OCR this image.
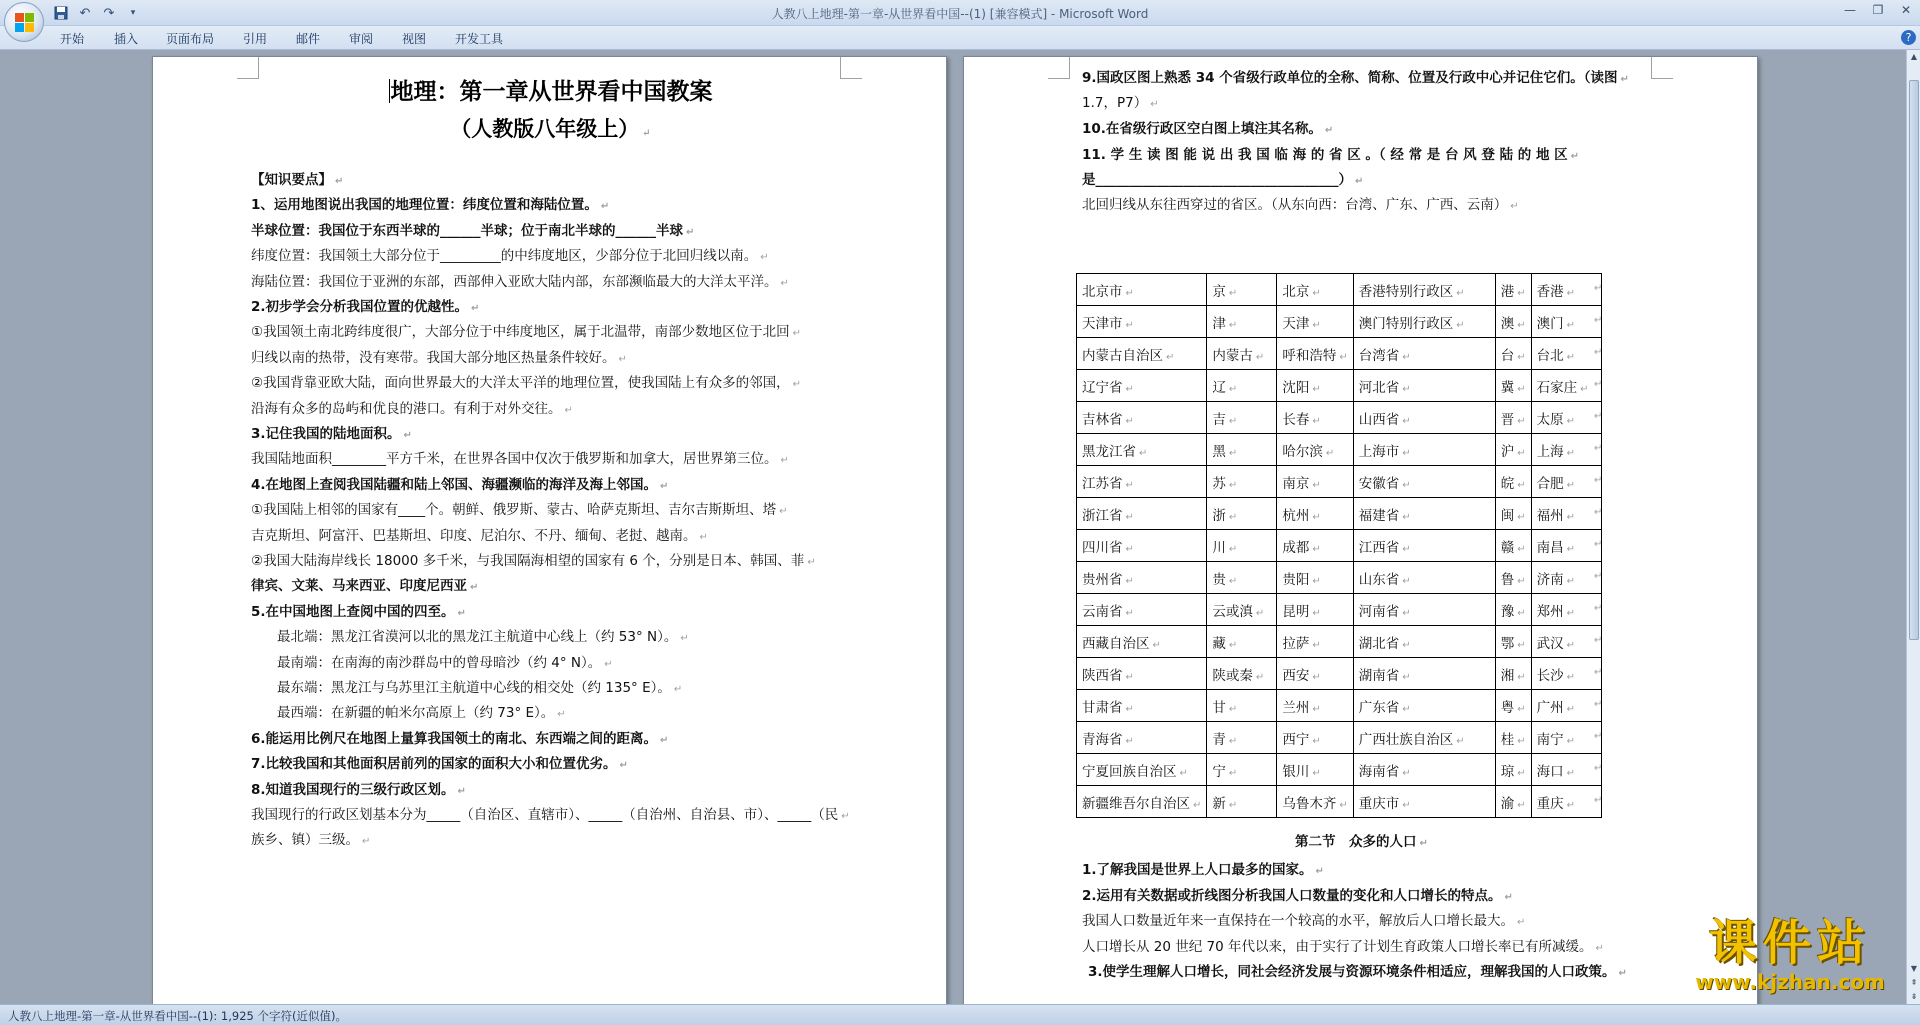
↶ ↷	▾	人教八上地理-第一章-从世界看中国--(1) [兼容模式] - Microsoft Word	—	❐	✕
开始 插入 页面布局 引用 邮件 审阅 视图 开发工具	?
地理：第一章从世界看中国教案
（人教版八年级上） ↵
【知识要点】 ↵
1、运用地图说出我国的地理位置：纬度位置和海陆位置。 ↵
半球位置：我国位于东西半球的______半球；位于南北半球的______半球 ↵
纬度位置：我国领土大部分位于_________的中纬度地区，少部分位于北回归线以南。 ↵
海陆位置：我国位于亚洲的东部，西部伸入亚欧大陆内部，东部濒临最大的大洋太平洋。 ↵
2.初步学会分析我国位置的优越性。 ↵
①我国领土南北跨纬度很广，大部分位于中纬度地区，属于北温带，南部少数地区位于北回 ↵
归线以南的热带，没有寒带。我国大部分地区热量条件较好。 ↵
②我国背靠亚欧大陆，面向世界最大的大洋太平洋的地理位置，使我国陆上有众多的邻国， ↵
沿海有众多的岛屿和优良的港口。有利于对外交往。 ↵
3.记住我国的陆地面积。 ↵
我国陆地面积________平方千米，在世界各国中仅次于俄罗斯和加拿大，居世界第三位。 ↵
4.在地图上查阅我国陆疆和陆上邻国、海疆濒临的海洋及海上邻国。 ↵
①我国陆上相邻的国家有____个。朝鲜、俄罗斯、蒙古、哈萨克斯坦、吉尔吉斯斯坦、塔 ↵
吉克斯坦、阿富汗、巴基斯坦、印度、尼泊尔、不丹、缅甸、老挝、越南。 ↵
②我国大陆海岸线长 18000 多千米，与我国隔海相望的国家有 6 个，分别是日本、韩国、菲 ↵
律宾、文莱、马来西亚、印度尼西亚 ↵
5.在中国地图上查阅中国的四至。 ↵
最北端：黑龙江省漠河以北的黑龙江主航道中心线上（约 53° N）。 ↵
最南端：在南海的南沙群岛中的曾母暗沙（约 4° N）。 ↵
最东端：黑龙江与乌苏里江主航道中心线的相交处（约 135° E）。 ↵
最西端：在新疆的帕米尔高原上（约 73° E）。 ↵
6.能运用比例尺在地图上量算我国领土的南北、东西端之间的距离。 ↵
7.比较我国和其他面积居前列的国家的面积大小和位置优劣。 ↵
8.知道我国现行的三级行政区划。 ↵
我国现行的行政区划基本分为_____（自治区、直辖市）、_____（自治州、自治县、市）、_____（民 ↵
族乡、镇）三级。 ↵
9.国政区图上熟悉 34 个省级行政单位的全称、简称、位置及行政中心并记住它们。（读图 ↵
1.7，P7） ↵
10.在省级行政区空白图上填注其名称。 ↵
11. 学 生 读 图 能 说 出 我 国 临 海 的 省 区 。（ 经 常 是 台 风 登 陆 的 地 区 ↵
是____________________________________） ↵
北回归线从东往西穿过的省区。（从东向西：台湾、广东、广西、云南） ↵
北京市 ↵	京 ↵	北京 ↵	香港特别行政区 ↵	港 ↵	香港 ↵
天津市 ↵	津 ↵	天津 ↵	澳门特别行政区 ↵	澳 ↵	澳门 ↵
内蒙古自治区 ↵	内蒙古 ↵	呼和浩特 ↵	台湾省 ↵	台 ↵	台北 ↵
辽宁省 ↵	辽 ↵	沈阳 ↵	河北省 ↵	冀 ↵	石家庄 ↵
吉林省 ↵	吉 ↵	长春 ↵	山西省 ↵	晋 ↵	太原 ↵
黑龙江省 ↵	黑 ↵	哈尔滨 ↵	上海市 ↵	沪 ↵	上海 ↵
江苏省 ↵	苏 ↵	南京 ↵	安徽省 ↵	皖 ↵	合肥 ↵
浙江省 ↵	浙 ↵	杭州 ↵	福建省 ↵	闽 ↵	福州 ↵
四川省 ↵	川 ↵	成都 ↵	江西省 ↵	赣 ↵	南昌 ↵
贵州省 ↵	贵 ↵	贵阳 ↵	山东省 ↵	鲁 ↵	济南 ↵
云南省 ↵	云或滇 ↵	昆明 ↵	河南省 ↵	豫 ↵	郑州 ↵
西藏自治区 ↵	藏 ↵	拉萨 ↵	湖北省 ↵	鄂 ↵	武汉 ↵
陕西省 ↵	陕或秦 ↵	西安 ↵	湖南省 ↵	湘 ↵	长沙 ↵
甘肃省 ↵	甘 ↵	兰州 ↵	广东省 ↵	粤 ↵	广州 ↵
青海省 ↵	青 ↵	西宁 ↵	广西壮族自治区 ↵	桂 ↵	南宁 ↵
宁夏回族自治区 ↵	宁 ↵	银川 ↵	海南省 ↵	琼 ↵	海口 ↵
新疆维吾尔自治区 ↵	新 ↵	乌鲁木齐 ↵	重庆市 ↵	渝 ↵	重庆 ↵
↵
↵
↵
↵
↵
↵
↵
↵
↵
↵
↵
↵
↵
↵
↵
↵
↵
第二节　众多的人口 ↵
1.了解我国是世界上人口最多的国家。 ↵
2.运用有关数据或折线图分析我国人口数量的变化和人口增长的特点。 ↵
我国人口数量近年来一直保持在一个较高的水平，解放后人口增长最大。 ↵
人口增长从 20 世纪 70 年代以来，由于实行了计划生育政策人口增长率已有所减缓。 ↵
3.使学生理解人口增长，同社会经济发展与资源环境条件相适应，理解我国的人口政策。 ↵
▲
▼
⇞
⇟
人教八上地理-第一章-从世界看中国--(1): 1,925 个字符(近似值)。
课件站
www.kjzhan.com
